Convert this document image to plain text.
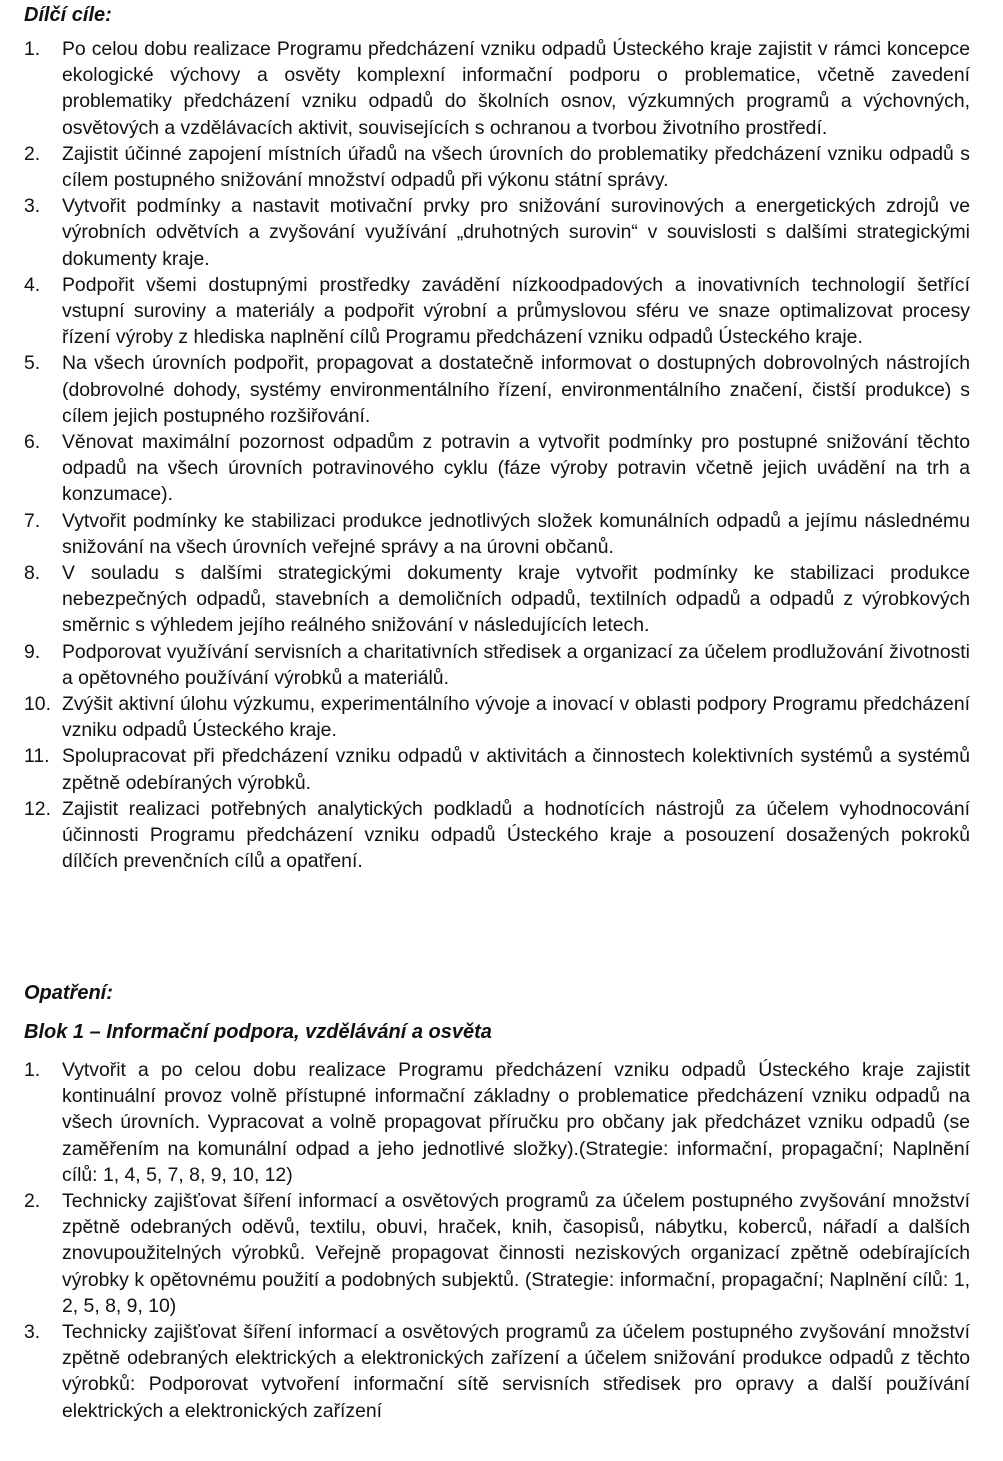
Dílčí cíle:
1. Po celou dobu realizace Programu předcházení vzniku odpadů Ústeckého kraje zajistit v rámci koncepce ekologické výchovy a osvěty komplexní informační podporu o problematice, včetně zavedení problematiky předcházení vzniku odpadů do školních osnov, výzkumných programů a výchovných, osvětových a vzdělávacích aktivit, souvisejících s ochranou a tvorbou životního prostředí.
2. Zajistit účinné zapojení místních úřadů na všech úrovních do problematiky předcházení vzniku odpadů s cílem postupného snižování množství odpadů při výkonu státní správy.
3. Vytvořit podmínky a nastavit motivační prvky pro snižování surovinových a energetických zdrojů ve výrobních odvětvích a zvyšování využívání „druhotných surovin“ v souvislosti s dalšími strategickými dokumenty kraje.
4. Podpořit všemi dostupnými prostředky zavádění nízkoodpadových a inovativních technologií šetřící vstupní suroviny a materiály a podpořit výrobní a průmyslovou sféru ve snaze optimalizovat procesy řízení výroby z hlediska naplnění cílů Programu předcházení vzniku odpadů Ústeckého kraje.
5. Na všech úrovních podpořit, propagovat a dostatečně informovat o dostupných dobrovolných nástrojích (dobrovolné dohody, systémy environmentálního řízení, environmentálního značení, čistší produkce) s cílem jejich postupného rozšiřování.
6. Věnovat maximální pozornost odpadům z potravin a vytvořit podmínky pro postupné snižování těchto odpadů na všech úrovních potravinového cyklu (fáze výroby potravin včetně jejich uvádění na trh a konzumace).
7. Vytvořit podmínky ke stabilizaci produkce jednotlivých složek komunálních odpadů a jejímu následnému snižování na všech úrovních veřejné správy a na úrovni občanů.
8. V souladu s dalšími strategickými dokumenty kraje vytvořit podmínky ke stabilizaci produkce nebezpečných odpadů, stavebních a demoličních odpadů, textilních odpadů a odpadů z výrobkových směrnic s výhledem jejího reálného snižování v následujících letech.
9. Podporovat využívání servisních a charitativních středisek a organizací za účelem prodlužování životnosti a opětovného používání výrobků a materiálů.
10. Zvýšit aktivní úlohu výzkumu, experimentálního vývoje a inovací v oblasti podpory Programu předcházení vzniku odpadů Ústeckého kraje.
11. Spolupracovat při předcházení vzniku odpadů v aktivitách a činnostech kolektivních systémů a systémů zpětně odebíraných výrobků.
12. Zajistit realizaci potřebných analytických podkladů a hodnotících nástrojů za účelem vyhodnocování účinnosti Programu předcházení vzniku odpadů Ústeckého kraje a posouzení dosažených pokroků dílčích prevenčních cílů a opatření.
Opatření:
Blok 1 – Informační podpora, vzdělávání a osvěta
1. Vytvořit a po celou dobu realizace Programu předcházení vzniku odpadů Ústeckého kraje zajistit kontinuální provoz volně přístupné informační základny o problematice předcházení vzniku odpadů na všech úrovních. Vypracovat a volně propagovat příručku pro občany jak předcházet vzniku odpadů (se zaměřením na komunální odpad a jeho jednotlivé složky).(Strategie: informační, propagační; Naplnění cílů: 1, 4, 5, 7, 8, 9, 10, 12)
2. Technicky zajišťovat šíření informací a osvětových programů za účelem postupného zvyšování množství zpětně odebraných oděvů, textilu, obuvi, hraček, knih, časopisů, nábytku, koberců, nářadí a dalších znovupoužitelných výrobků. Veřejně propagovat činnosti neziskových organizací zpětně odebírajících výrobky k opětovnému použití a podobných subjektů. (Strategie: informační, propagační; Naplnění cílů: 1, 2, 5, 8, 9, 10)
3. Technicky zajišťovat šíření informací a osvětových programů za účelem postupného zvyšování množství zpětně odebraných elektrických a elektronických zařízení a účelem snižování produkce odpadů z těchto výrobků: Podporovat vytvoření informační sítě servisních středisek pro opravy a další používání elektrických a elektronických zařízení
